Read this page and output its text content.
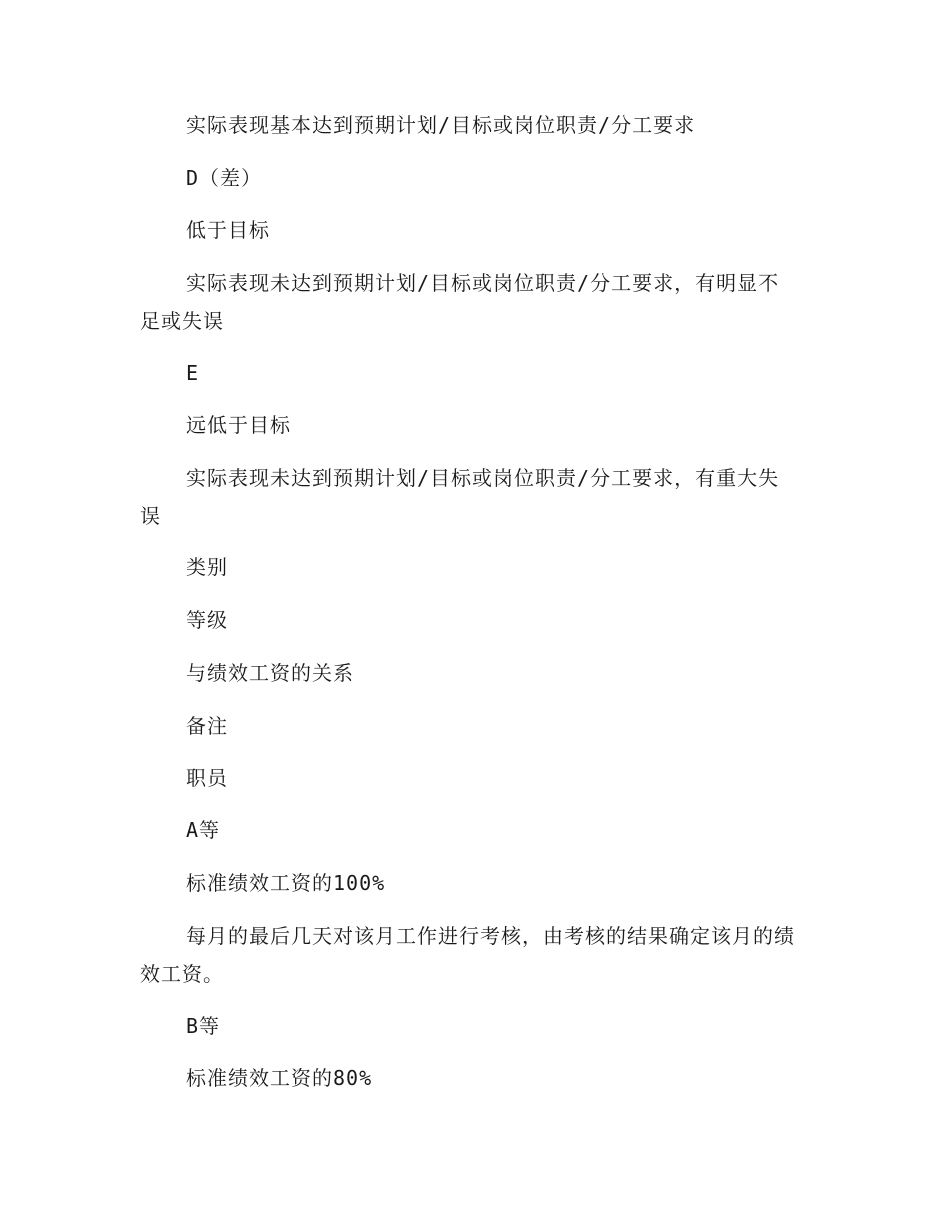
实际表现基本达到预期计划/目标或岗位职责/分工要求

D（差）

低于目标

实际表现未达到预期计划/目标或岗位职责/分工要求，有明显不足或失误

E

远低于目标

实际表现未达到预期计划/目标或岗位职责/分工要求，有重大失误

类别

等级

与绩效工资的关系

备注

职员

A等

标准绩效工资的100%

每月的最后几天对该月工作进行考核，由考核的结果确定该月的绩效工资。

B等

标准绩效工资的80%
